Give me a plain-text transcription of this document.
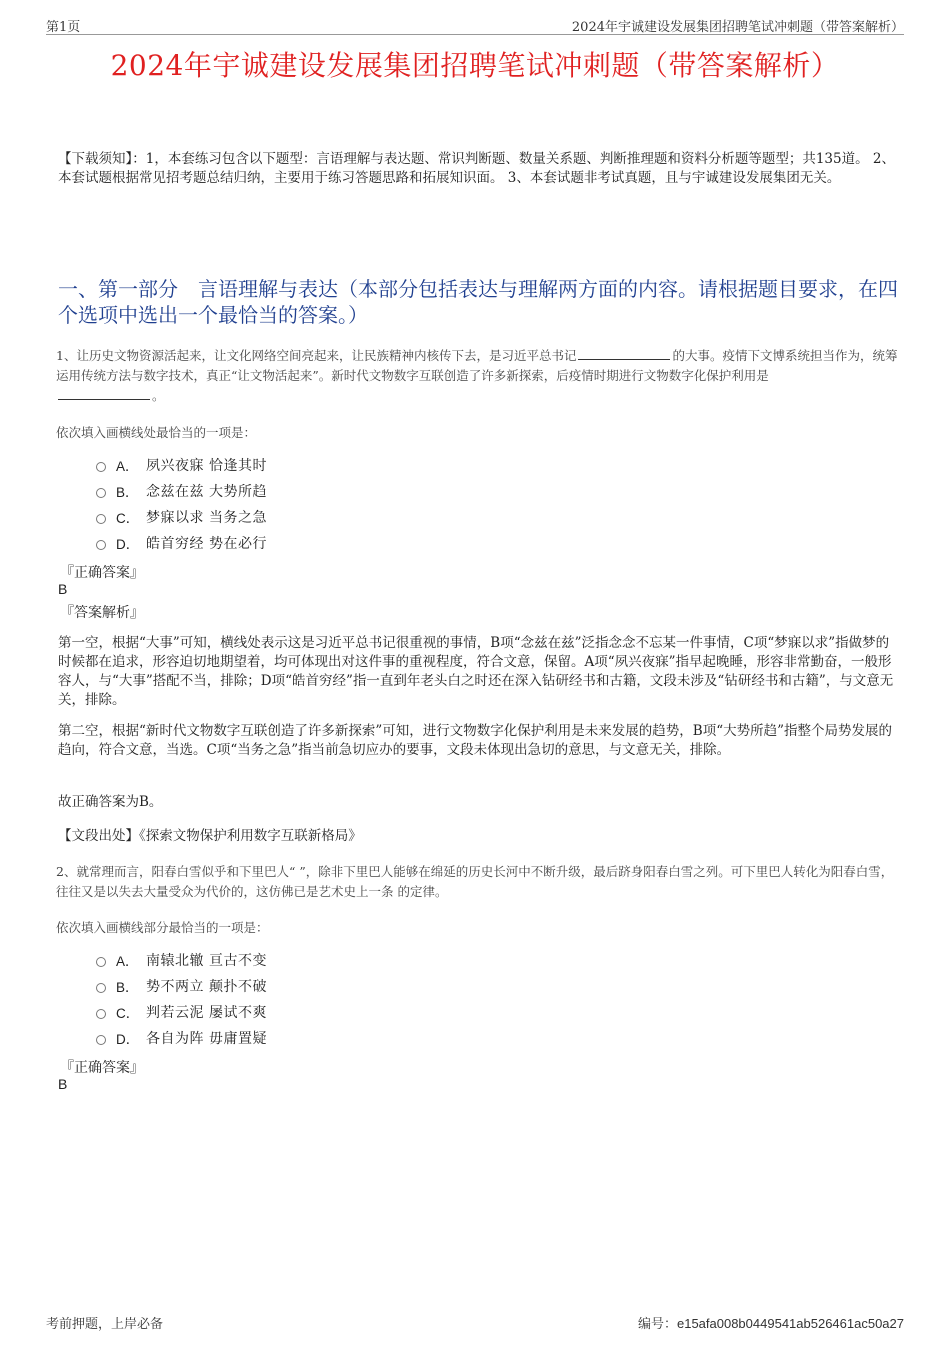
第1页	2024年宇诚建设发展集团招聘笔试冲刺题（带答案解析）
2024年宇诚建设发展集团招聘笔试冲刺题（带答案解析）
【下载须知】：1，本套练习包含以下题型：言语理解与表达题、常识判断题、数量关系题、判断推理题和资料分析题等题型；共135道。 2、本套试题根据常见招考题总结归纳，主要用于练习答题思路和拓展知识面。 3、本套试题非考试真题，且与宇诚建设发展集团无关。
一、第一部分　言语理解与表达（本部分包括表达与理解两方面的内容。请根据题目要求，在四个选项中选出一个最恰当的答案。）
1、让历史文物资源活起来，让文化网络空间亮起来，让民族精神内核传下去，是习近平总书记	的大事。疫情下文博系统担当作为，统筹运用传统方法与数字技术，真正“让文物活起来”。新时代文物数字互联创造了许多新探索，后疫情时期进行文物数字化保护利用是
。
依次填入画横线处最恰当的一项是：
A． 夙兴夜寐 恰逢其时
B． 念兹在兹 大势所趋
C． 梦寐以求 当务之急
D． 皓首穷经 势在必行
『正确答案』
B
『答案解析』
第一空，根据“大事”可知，横线处表示这是习近平总书记很重视的事情，B项“念兹在兹”泛指念念不忘某一件事情，C项“梦寐以求”指做梦的时候都在追求，形容迫切地期望着，均可体现出对这件事的重视程度，符合文意，保留。A项“夙兴夜寐”指早起晚睡，形容非常勤奋，一般形容人，与“大事”搭配不当，排除；D项“皓首穷经”指一直到年老头白之时还在深入钻研经书和古籍，文段未涉及“钻研经书和古籍”，与文意无关，排除。
第二空，根据“新时代文物数字互联创造了许多新探索”可知，进行文物数字化保护利用是未来发展的趋势，B项“大势所趋”指整个局势发展的趋向，符合文意，当选。C项“当务之急”指当前急切应办的要事，文段未体现出急切的意思，与文意无关，排除。
故正确答案为B。
【文段出处】《探索文物保护利用数字互联新格局》
2、就常理而言，阳春白雪似乎和下里巴人“ ”，除非下里巴人能够在绵延的历史长河中不断升级，最后跻身阳春白雪之列。可下里巴人转化为阳春白雪，往往又是以失去大量受众为代价的，这仿佛已是艺术史上一条 的定律。
依次填入画横线部分最恰当的一项是：
A． 南辕北辙 亘古不变
B． 势不两立 颠扑不破
C． 判若云泥 屡试不爽
D． 各自为阵 毋庸置疑
『正确答案』
B
考前押题，上岸必备	编号：e15afa008b0449541ab526461ac50a27
